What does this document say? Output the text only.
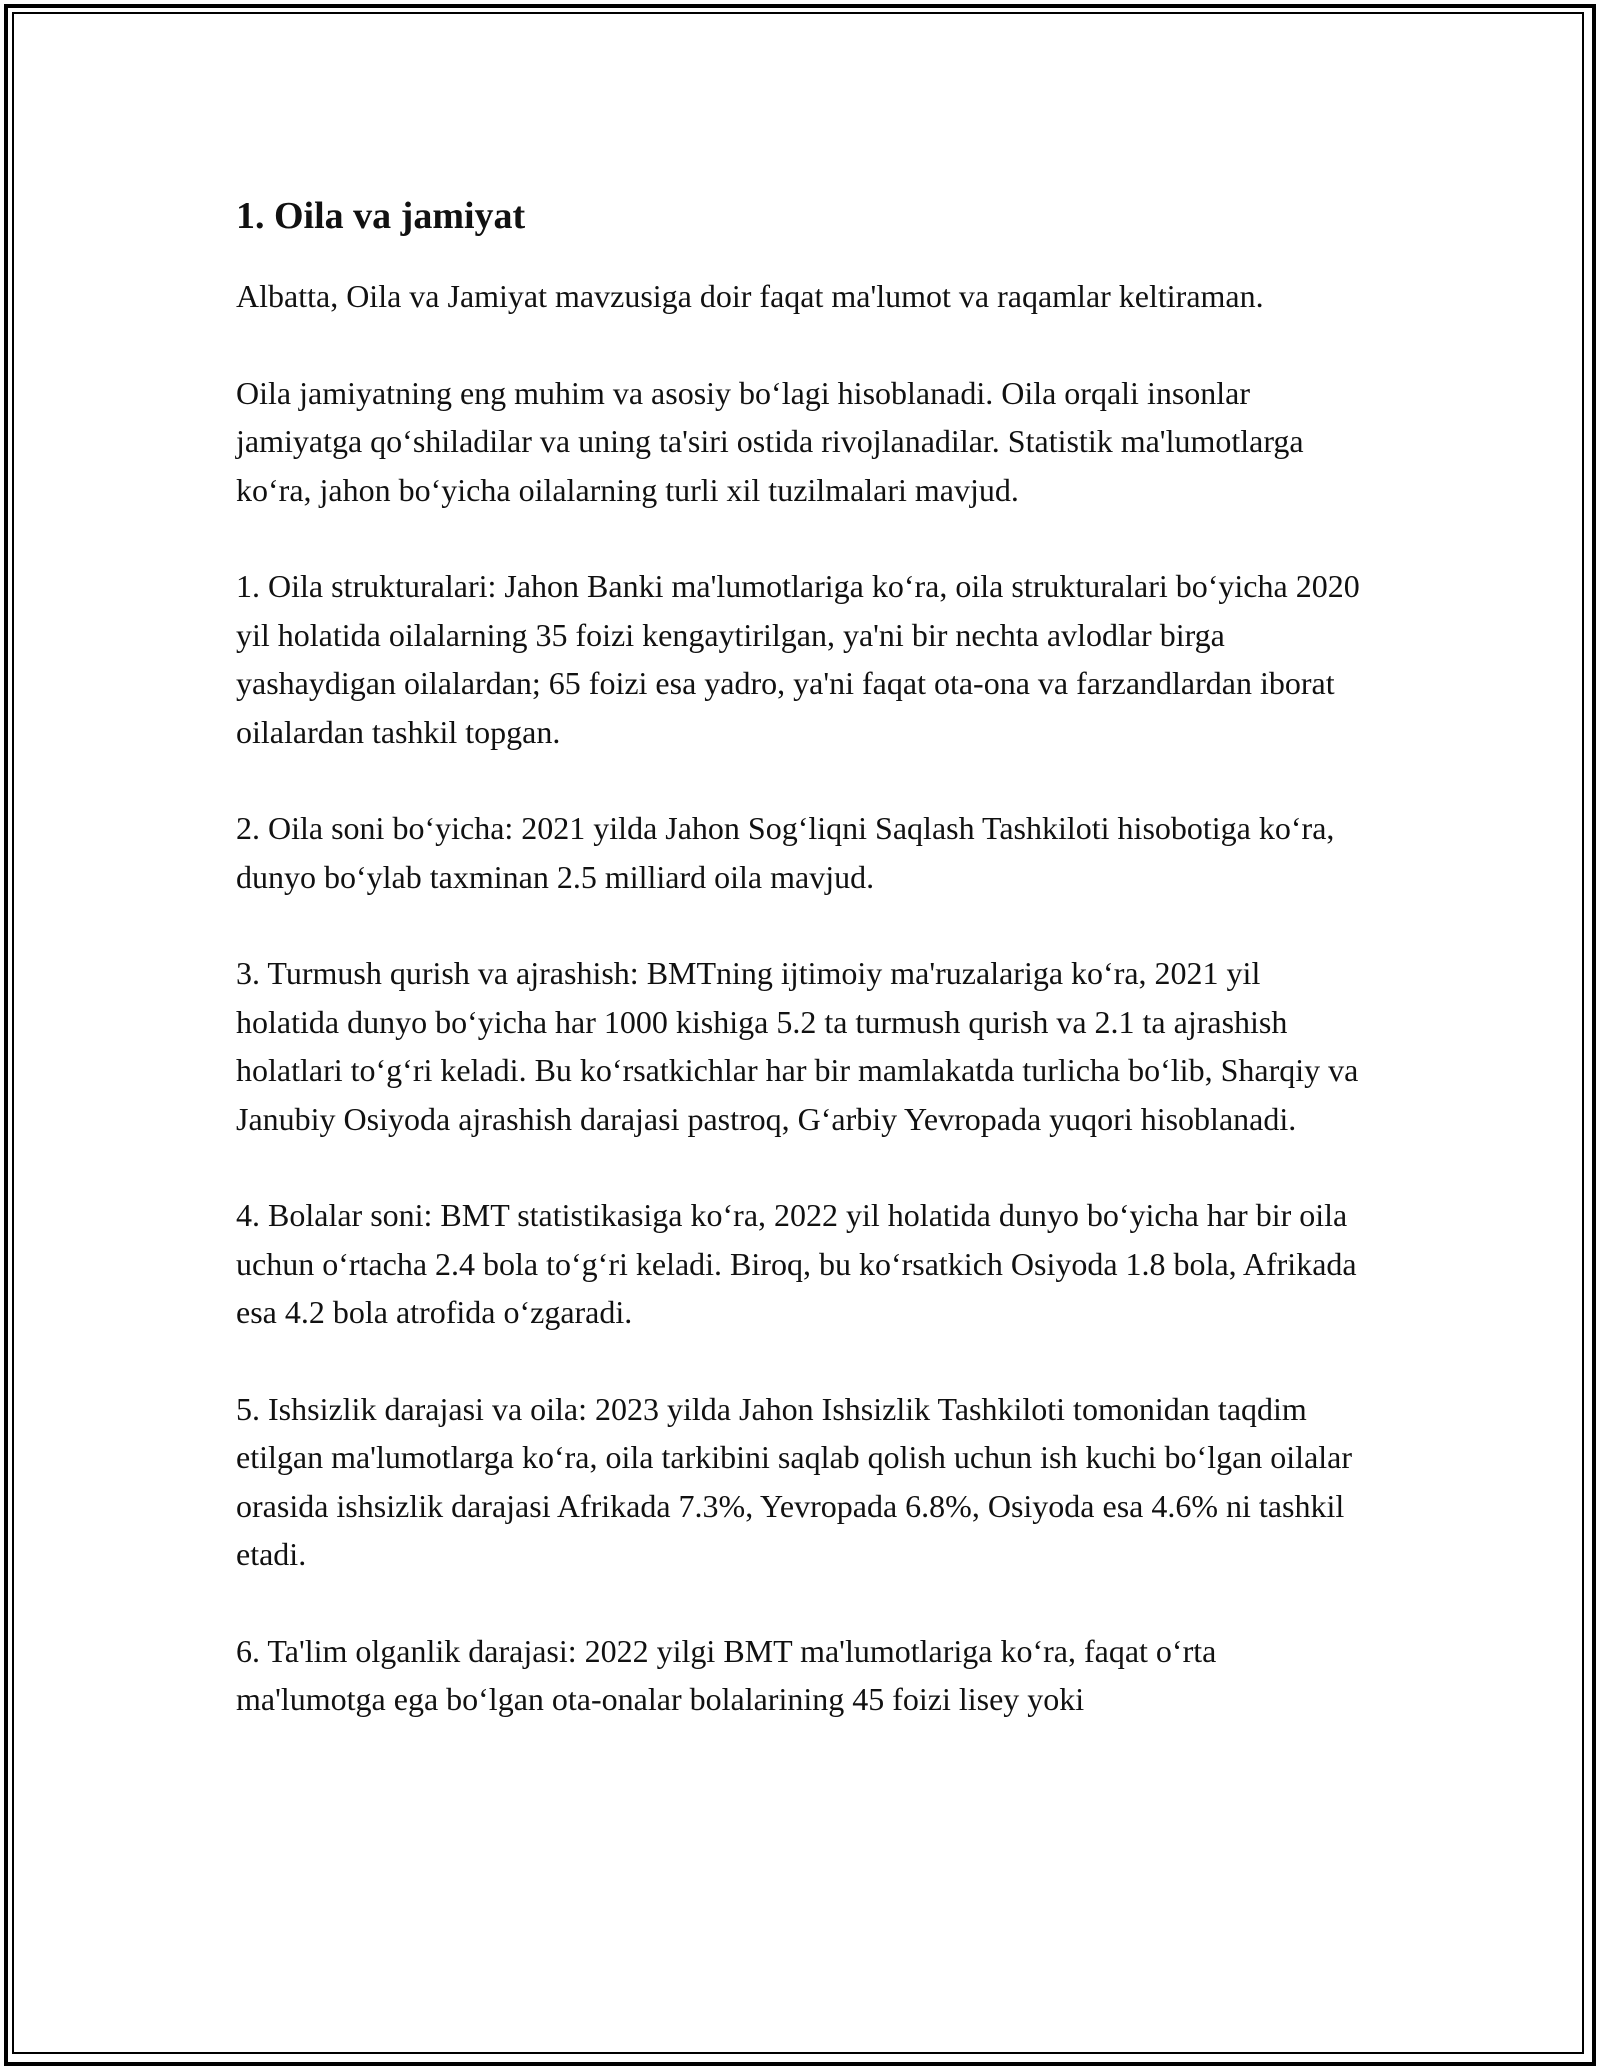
1. Oila va jamiyat

Albatta, Oila va Jamiyat mavzusiga doir faqat ma'lumot va raqamlar keltiraman.

Oila jamiyatning eng muhim va asosiy bo‘lagi hisoblanadi. Oila orqali insonlar jamiyatga qo‘shiladilar va uning ta'siri ostida rivojlanadilar. Statistik ma'lumotlarga ko‘ra, jahon bo‘yicha oilalarning turli xil tuzilmalari mavjud.

1. Oila strukturalari: Jahon Banki ma'lumotlariga ko‘ra, oila strukturalari bo‘yicha 2020 yil holatida oilalarning 35 foizi kengaytirilgan, ya'ni bir nechta avlodlar birga yashaydigan oilalardan; 65 foizi esa yadro, ya'ni faqat ota-ona va farzandlardan iborat oilalardan tashkil topgan.

2. Oila soni bo‘yicha: 2021 yilda Jahon Sog‘liqni Saqlash Tashkiloti hisobotiga ko‘ra, dunyo bo‘ylab taxminan 2.5 milliard oila mavjud.

3. Turmush qurish va ajrashish: BMTning ijtimoiy ma'ruzalariga ko‘ra, 2021 yil holatida dunyo bo‘yicha har 1000 kishiga 5.2 ta turmush qurish va 2.1 ta ajrashish holatlari to‘g‘ri keladi. Bu ko‘rsatkichlar har bir mamlakatda turlicha bo‘lib, Sharqiy va Janubiy Osiyoda ajrashish darajasi pastroq, G‘arbiy Yevropada yuqori hisoblanadi.

4. Bolalar soni: BMT statistikasiga ko‘ra, 2022 yil holatida dunyo bo‘yicha har bir oila uchun o‘rtacha 2.4 bola to‘g‘ri keladi. Biroq, bu ko‘rsatkich Osiyoda 1.8 bola, Afrikada esa 4.2 bola atrofida o‘zgaradi.

5. Ishsizlik darajasi va oila: 2023 yilda Jahon Ishsizlik Tashkiloti tomonidan taqdim etilgan ma'lumotlarga ko‘ra, oila tarkibini saqlab qolish uchun ish kuchi bo‘lgan oilalar orasida ishsizlik darajasi Afrikada 7.3%, Yevropada 6.8%, Osiyoda esa 4.6% ni tashkil etadi.

6. Ta'lim olganlik darajasi: 2022 yilgi BMT ma'lumotlariga ko‘ra, faqat o‘rta ma'lumotga ega bo‘lgan ota-onalar bolalarining 45 foizi lisey yoki
